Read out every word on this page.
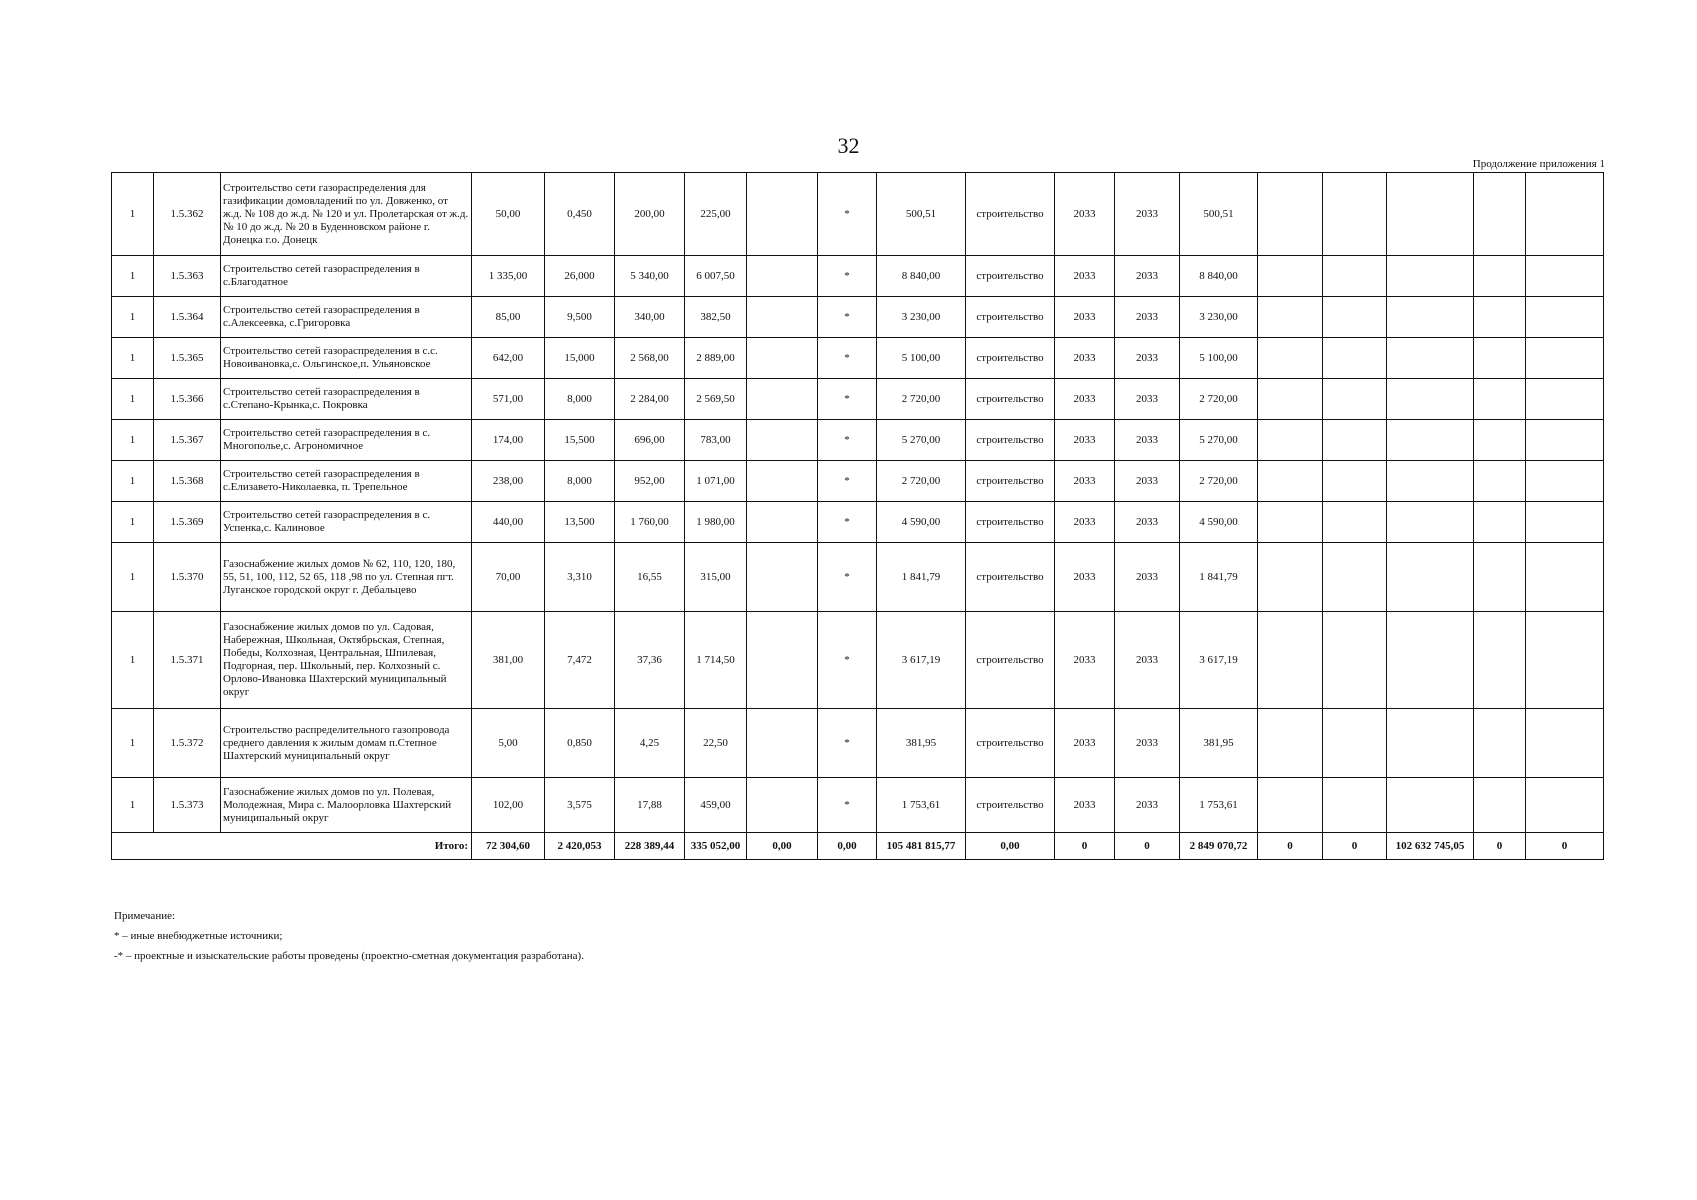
32
Продолжение приложения 1
1	1.5.362	Строительство сети газораспределения для газификации домовладений по ул. Довженко, от ж.д. № 108 до ж.д. № 120 и ул. Пролетарская от ж.д. № 10 до ж.д. № 20 в Буденновском районе г. Донецка г.о. Донецк	50,00	0,450	200,00	225,00		*	500,51	строительство	2033	2033	500,51					
1	1.5.363	Строительство сетей газораспределения в с.Благодатное	1 335,00	26,000	5 340,00	6 007,50		*	8 840,00	строительство	2033	2033	8 840,00					
1	1.5.364	Строительство сетей газораспределения в с.Алексеевка, с.Григоровка	85,00	9,500	340,00	382,50		*	3 230,00	строительство	2033	2033	3 230,00					
1	1.5.365	Строительство сетей газораспределения в с.с. Новоивановка,с. Ольгинское,п. Ульяновское	642,00	15,000	2 568,00	2 889,00		*	5 100,00	строительство	2033	2033	5 100,00					
1	1.5.366	Строительство сетей газораспределения в с.Степано-Крынка,с. Покровка	571,00	8,000	2 284,00	2 569,50		*	2 720,00	строительство	2033	2033	2 720,00					
1	1.5.367	Строительство сетей газораспределения в с. Многополье,с. Агрономичное	174,00	15,500	696,00	783,00		*	5 270,00	строительство	2033	2033	5 270,00					
1	1.5.368	Строительство сетей газораспределения в с.Елизавето-Николаевка, п. Трепельное	238,00	8,000	952,00	1 071,00		*	2 720,00	строительство	2033	2033	2 720,00					
1	1.5.369	Строительство сетей газораспределения в с. Успенка,с. Калиновое	440,00	13,500	1 760,00	1 980,00		*	4 590,00	строительство	2033	2033	4 590,00					
1	1.5.370	Газоснабжение жилых домов № 62, 110, 120, 180, 55, 51, 100, 112, 52 65, 118 ,98 по ул. Степная пгт. Луганское городской округ г. Дебальцево	70,00	3,310	16,55	315,00		*	1 841,79	строительство	2033	2033	1 841,79					
1	1.5.371	Газоснабжение жилых домов по ул. Садовая, Набережная, Школьная, Октябрьская, Степная, Победы, Колхозная, Центральная, Шпилевая, Подгорная, пер. Школьный, пер. Колхозный с. Орлово-Ивановка Шахтерский муниципальный округ	381,00	7,472	37,36	1 714,50		*	3 617,19	строительство	2033	2033	3 617,19					
1	1.5.372	Строительство распределительного газопровода среднего давления к жилым домам п.Степное Шахтерский муниципальный округ	5,00	0,850	4,25	22,50		*	381,95	строительство	2033	2033	381,95					
1	1.5.373	Газоснабжение жилых домов по ул. Полевая, Молодежная, Мира с. Малоорловка Шахтерский муниципальный округ	102,00	3,575	17,88	459,00		*	1 753,61	строительство	2033	2033	1 753,61					
Итого:			72 304,60	2 420,053	228 389,44	335 052,00	0,00	0,00	105 481 815,77	0,00	0	0	2 849 070,72	0	0	102 632 745,05	0	0
Примечание:
* – иные внебюджетные источники;
-* – проектные и изыскательские работы проведены (проектно-сметная документация разработана).
